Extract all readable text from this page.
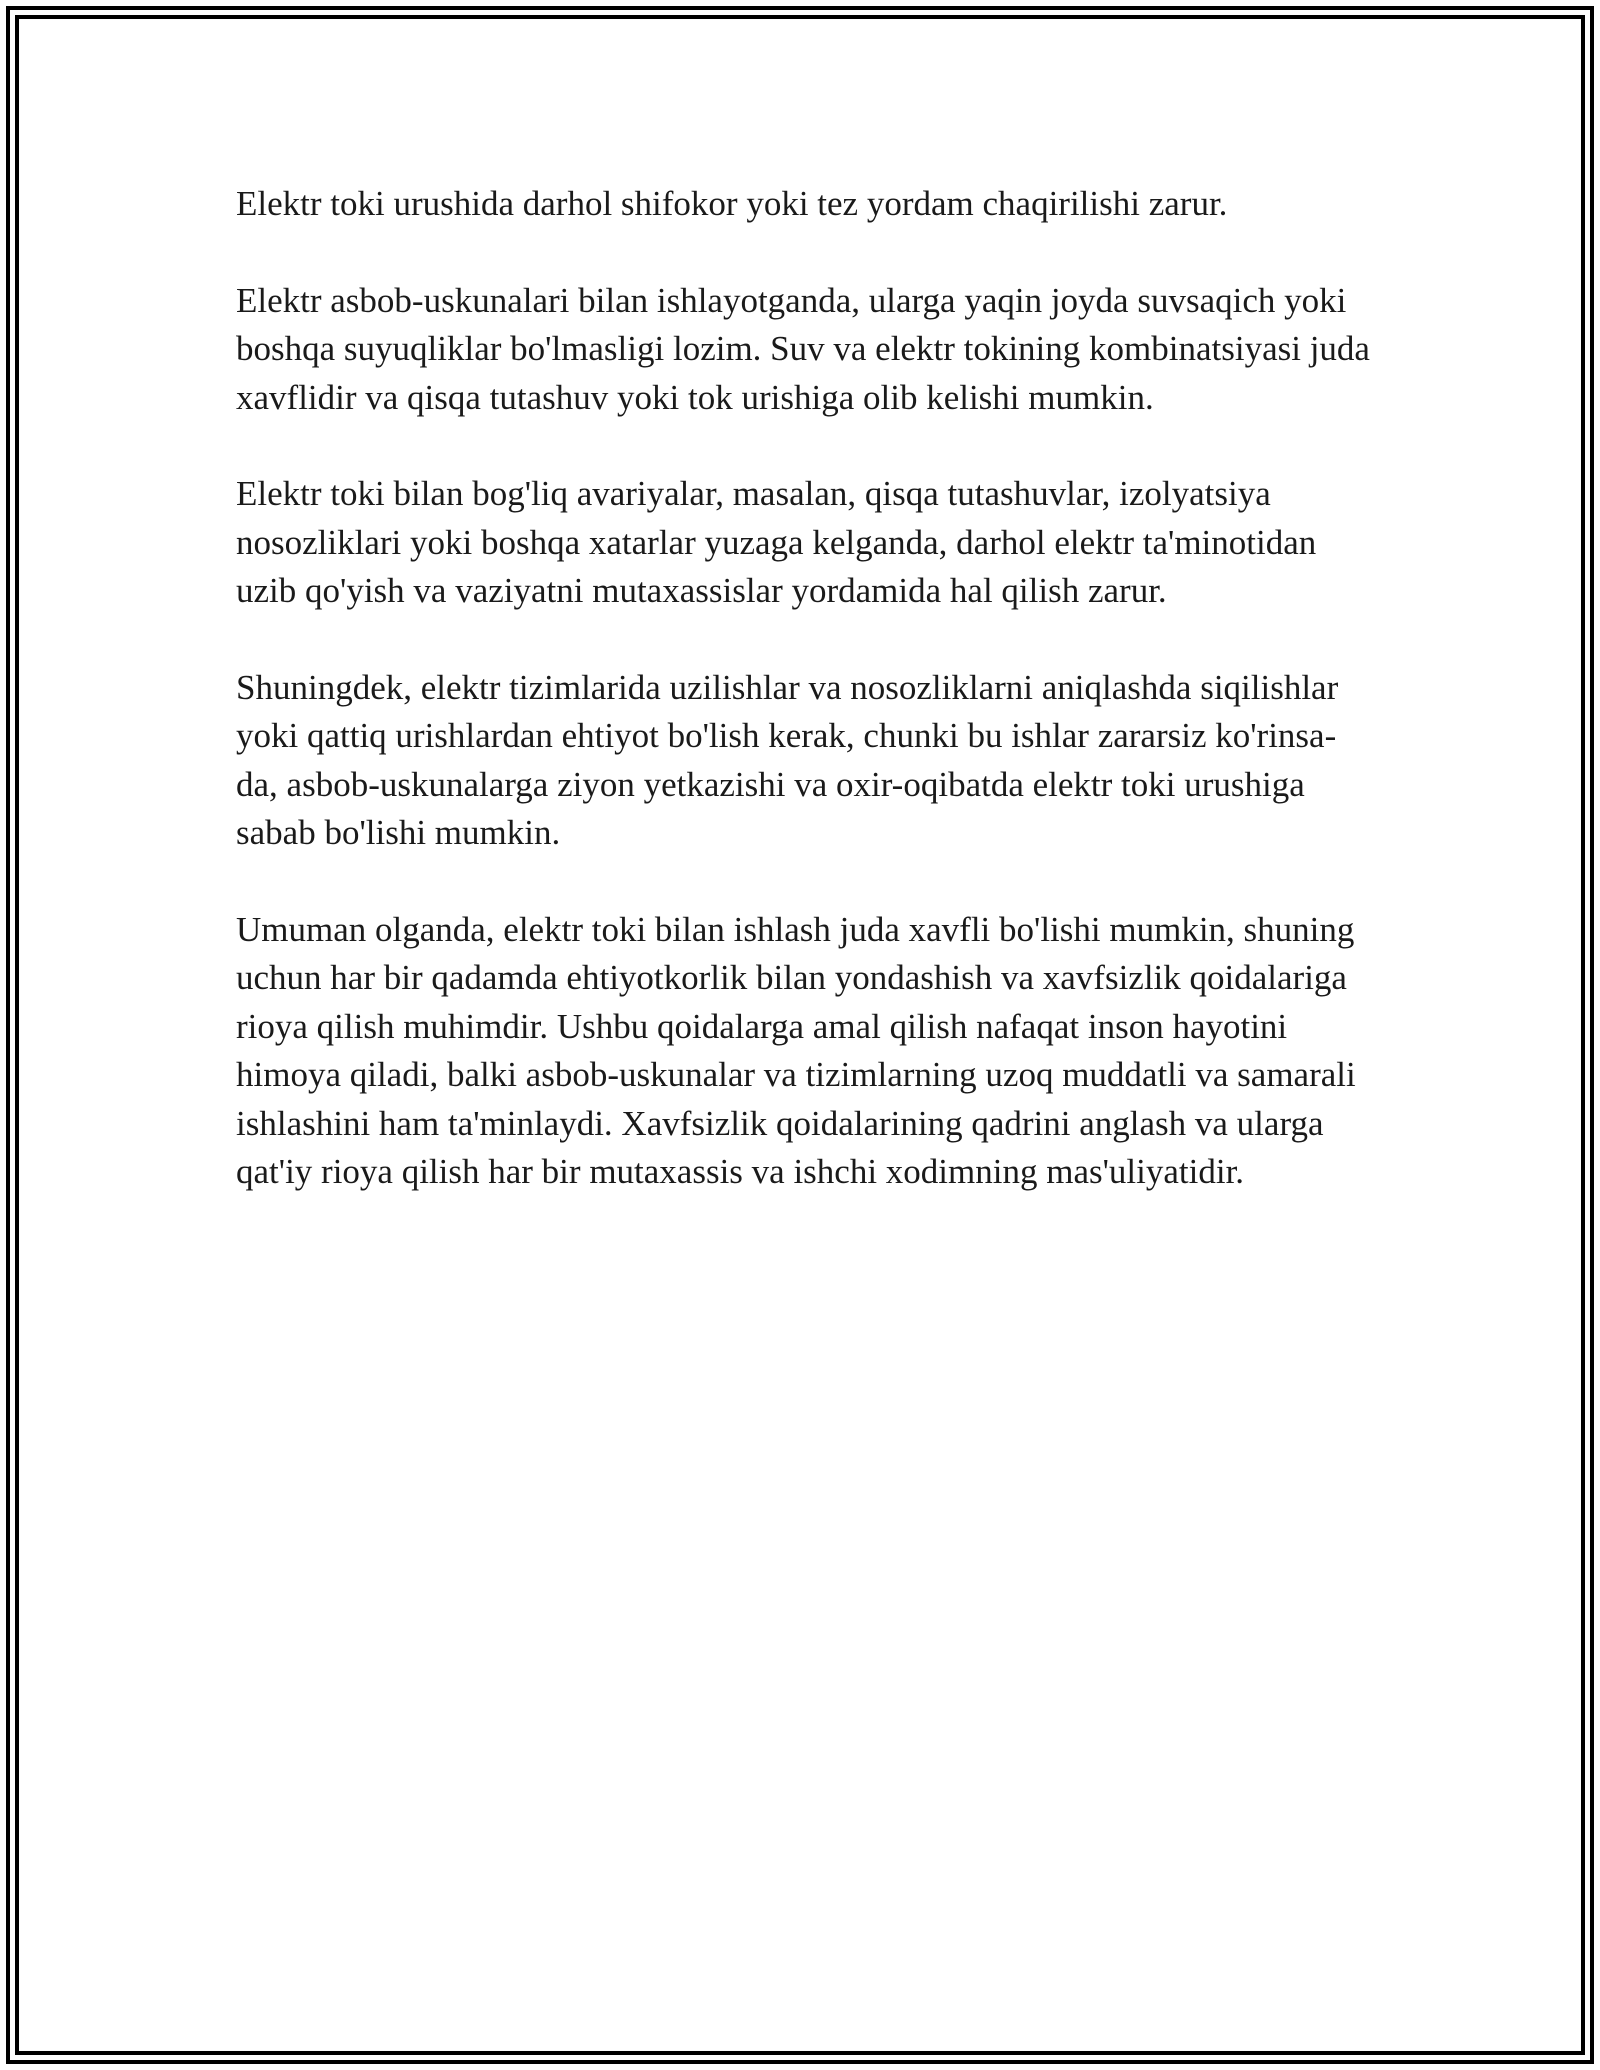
Elektr toki urushida darhol shifokor yoki tez yordam chaqirilishi zarur.

Elektr asbob-uskunalari bilan ishlayotganda, ularga yaqin joyda suvsaqich yoki boshqa suyuqliklar bo'lmasligi lozim. Suv va elektr tokining kombinatsiyasi juda xavflidir va qisqa tutashuv yoki tok urishiga olib kelishi mumkin.

Elektr toki bilan bog'liq avariyalar, masalan, qisqa tutashuvlar, izolyatsiya nosozliklari yoki boshqa xatarlar yuzaga kelganda, darhol elektr ta'minotidan uzib qo'yish va vaziyatni mutaxassislar yordamida hal qilish zarur.

Shuningdek, elektr tizimlarida uzilishlar va nosozliklarni aniqlashda siqilishlar yoki qattiq urishlardan ehtiyot bo'lish kerak, chunki bu ishlar zararsiz ko'rinsa-da, asbob-uskunalarga ziyon yetkazishi va oxir-oqibatda elektr toki urushiga sabab bo'lishi mumkin.

Umuman olganda, elektr toki bilan ishlash juda xavfli bo'lishi mumkin, shuning uchun har bir qadamda ehtiyotkorlik bilan yondashish va xavfsizlik qoidalariga rioya qilish muhimdir. Ushbu qoidalarga amal qilish nafaqat inson hayotini himoya qiladi, balki asbob-uskunalar va tizimlarning uzoq muddatli va samarali ishlashini ham ta'minlaydi. Xavfsizlik qoidalarining qadrini anglash va ularga qat'iy rioya qilish har bir mutaxassis va ishchi xodimning mas'uliyatidir.
